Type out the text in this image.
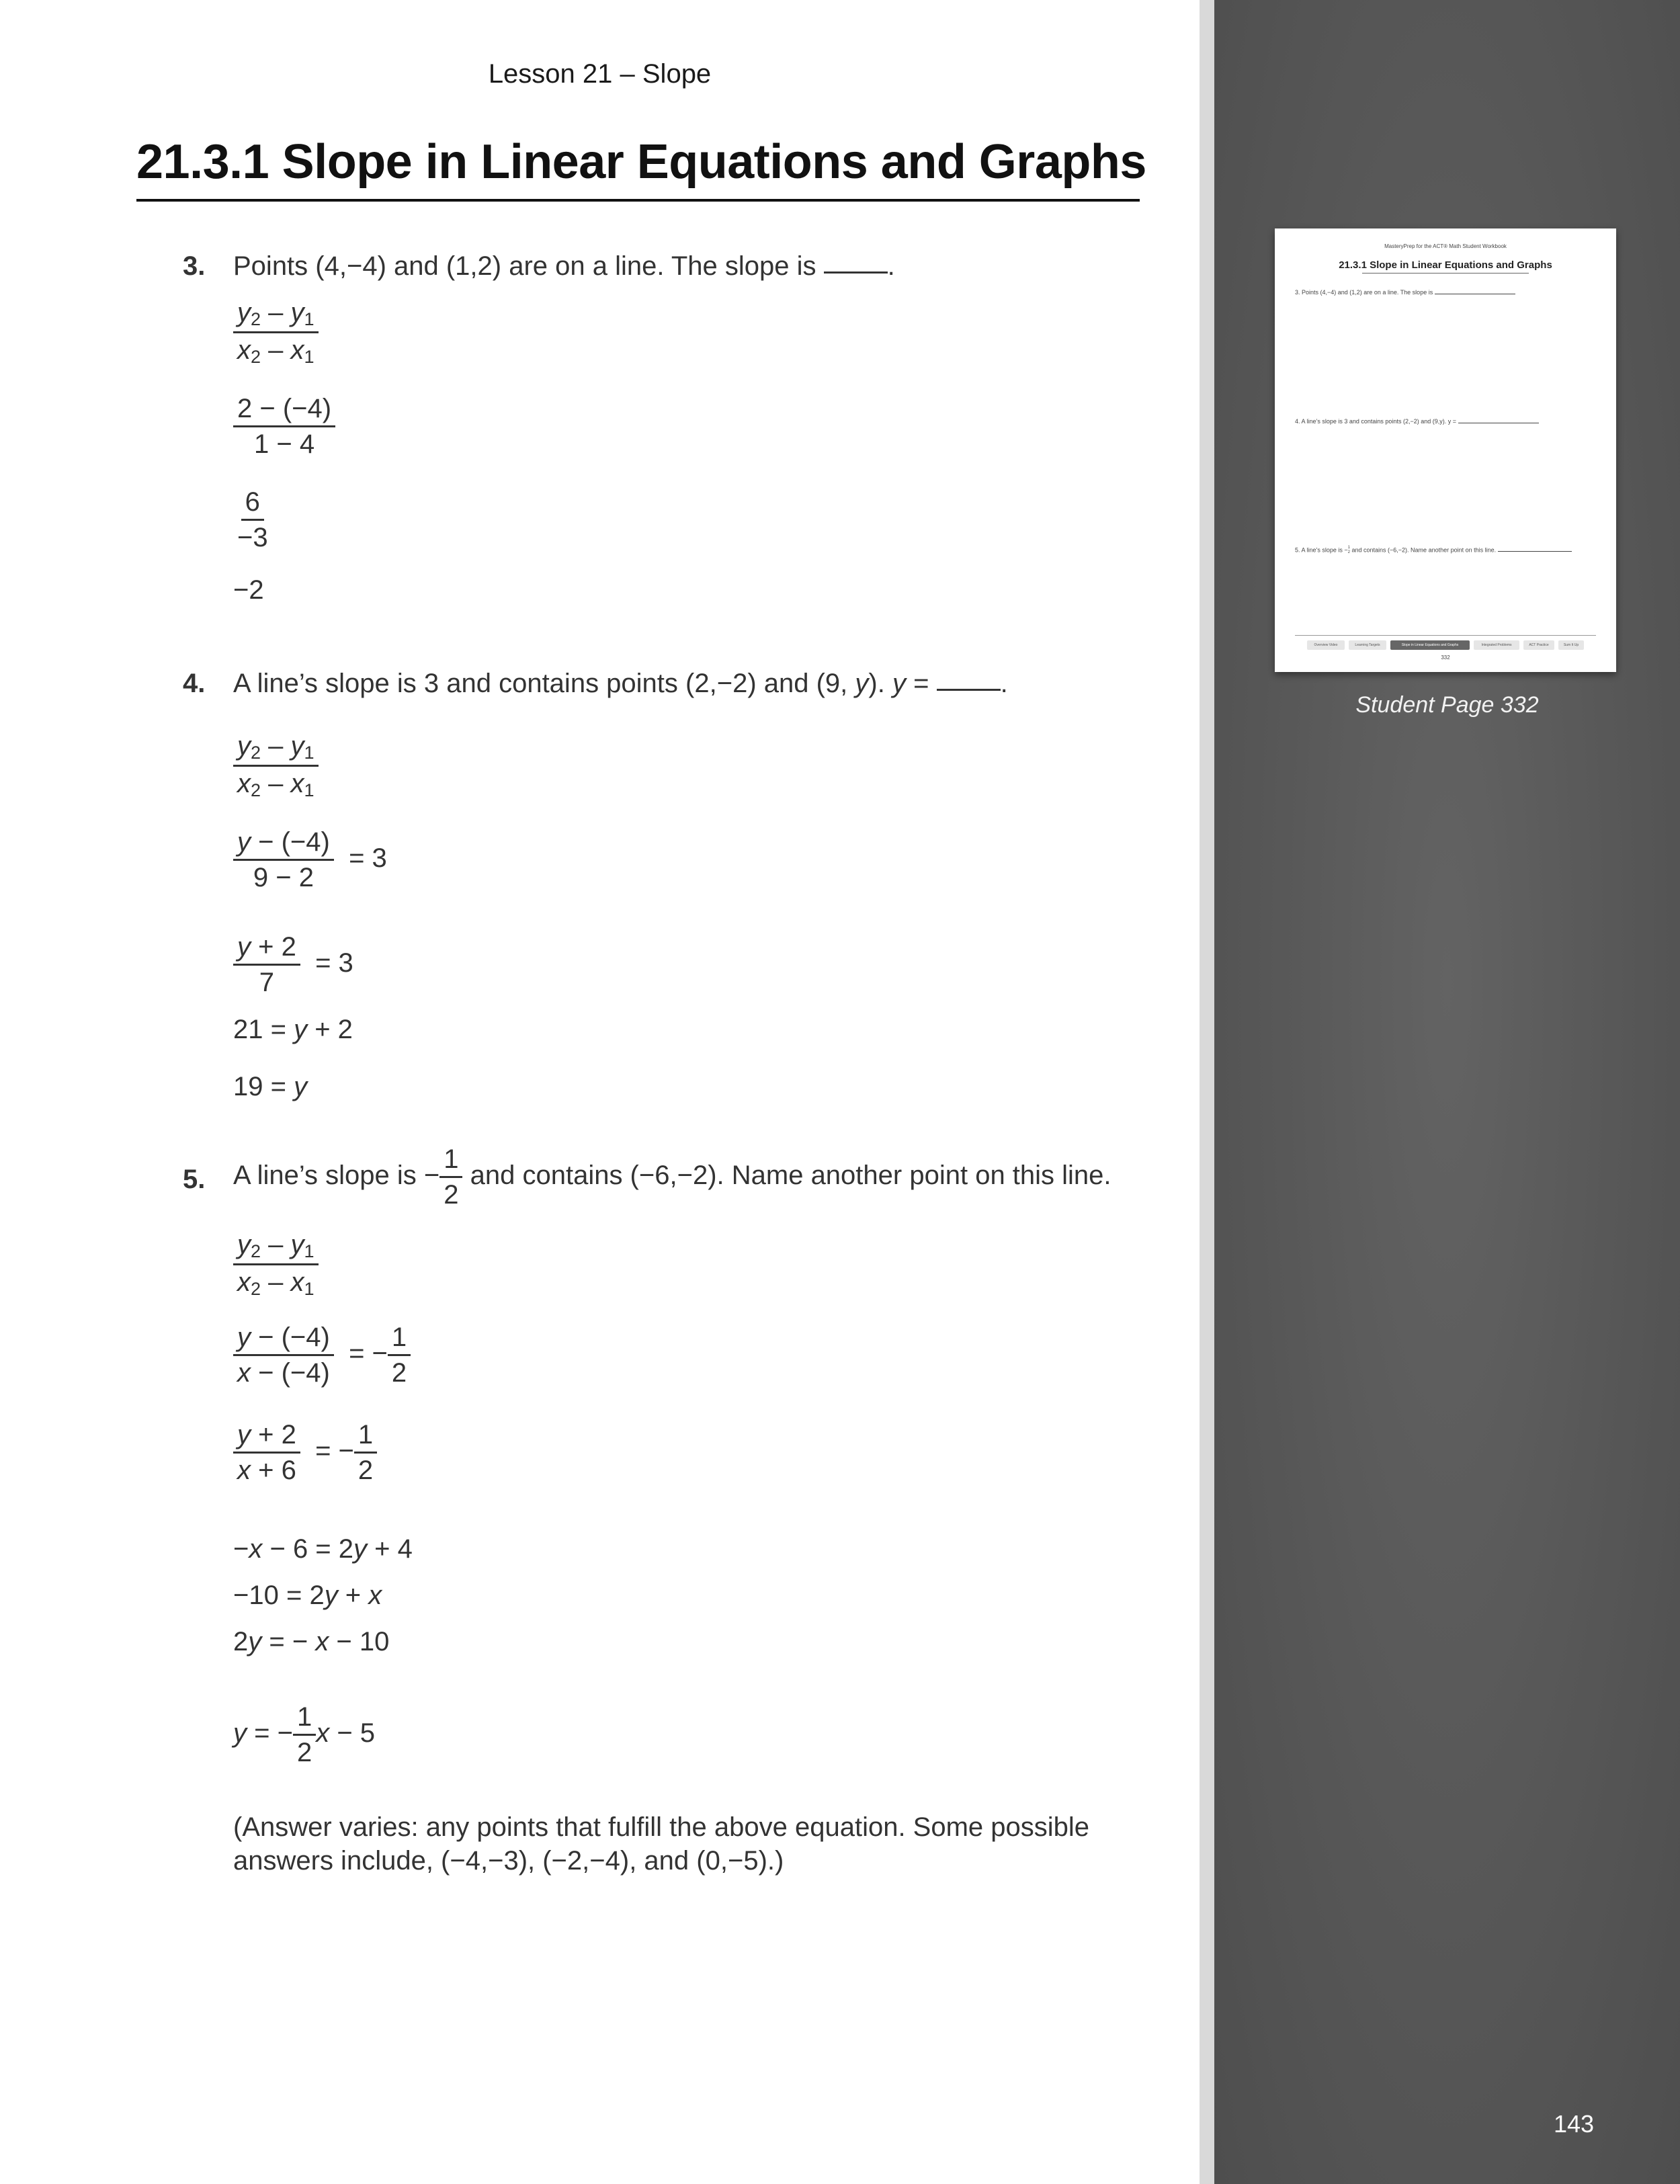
Lesson 21 – Slope
21.3.1 Slope in Linear Equations and Graphs
3. Points (4,−4) and (1,2) are on a line. The slope is	.
$\frac{y_2 - y_1}{x_2 - x_1}$
$\frac{2 - (-4)}{1 - 4}$
$\frac{6}{-3}$
−2
4. A line’s slope is 3 and contains points (2,−2) and (9, y). y =	.
$\frac{y_2 - y_1}{x_2 - x_1}$
$\frac{y - (-4)}{9 - 2} = 3$
$\frac{y + 2}{7} = 3$
21 = y + 2
19 = y
5. A line’s slope is − $\frac{1}{2}$ and contains (−6,−2). Name another point on this line.
$\frac{y_2 - y_1}{x_2 - x_1}$
$\frac{y - (-4)}{x - (-4)}$ = − $\frac{1}{2}$
$\frac{y + 2}{x + 6}$ = − $\frac{1}{2}$
−x − 6 = 2y + 4
−10 = 2y + x
2y = − x − 10
y = − $\frac{1}{2}$ x − 5
(Answer varies: any points that fulfill the above equation. Some possible
answers include, (−4,−3), (−2,−4), and (0,−5).)
MasteryPrep for the ACT® Math Student Workbook
21.3.1 Slope in Linear Equations and Graphs
3. Points (4,−4) and (1,2) are on a line. The slope is
4. A line’s slope is 3 and contains points (2,−2) and (9,y). y =
5. A line’s slope is − 1
2 and contains (−6,−2). Name another point on this line.
Overview Video	Learning Targets	Slope in Linear Equations and Graphs	Integrated Problems	ACT Practice	Sum It Up
332
Student Page 332
143
